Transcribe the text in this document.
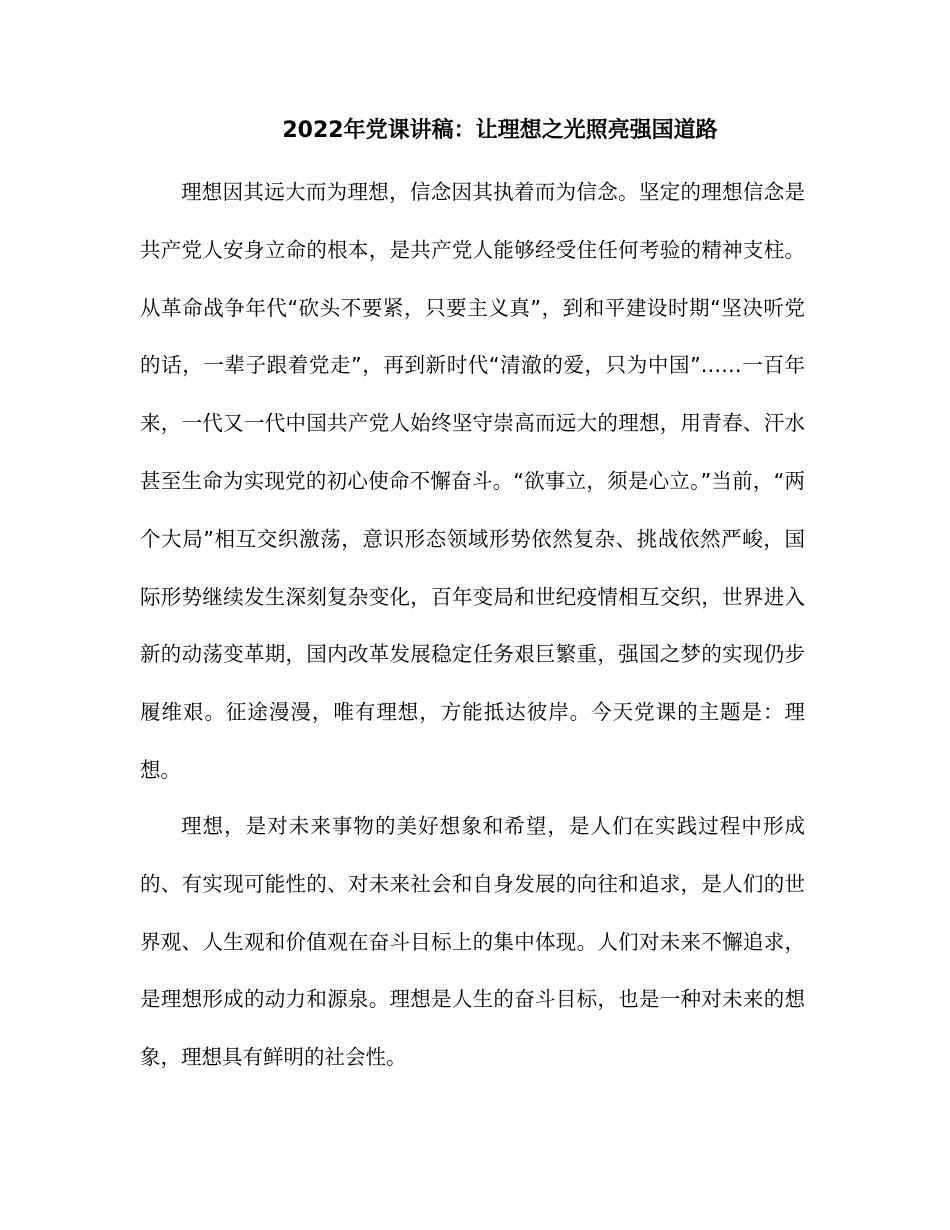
2022年党课讲稿：让理想之光照亮强国道路

理想因其远大而为理想，信念因其执着而为信念。坚定的理想信念是共产党人安身立命的根本，是共产党人能够经受住任何考验的精神支柱。从革命战争年代“砍头不要紧，只要主义真”，到和平建设时期“坚决听党的话，一辈子跟着党走”，再到新时代“清澈的爱，只为中国”……一百年来，一代又一代中国共产党人始终坚守崇高而远大的理想，用青春、汗水甚至生命为实现党的初心使命不懈奋斗。“欲事立，须是心立。”当前，“两个大局”相互交织激荡，意识形态领域形势依然复杂、挑战依然严峻，国际形势继续发生深刻复杂变化，百年变局和世纪疫情相互交织，世界进入新的动荡变革期，国内改革发展稳定任务艰巨繁重，强国之梦的实现仍步履维艰。征途漫漫，唯有理想，方能抵达彼岸。今天党课的主题是：理想。

理想，是对未来事物的美好想象和希望，是人们在实践过程中形成的、有实现可能性的、对未来社会和自身发展的向往和追求，是人们的世界观、人生观和价值观在奋斗目标上的集中体现。人们对未来不懈追求，是理想形成的动力和源泉。理想是人生的奋斗目标，也是一种对未来的想象，理想具有鲜明的社会性。
